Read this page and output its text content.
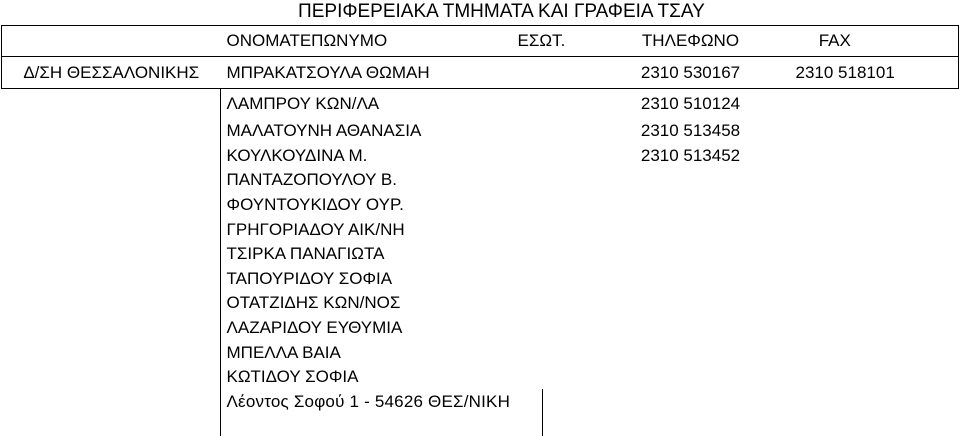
ΠΕΡΙΦΕΡΕΙΑΚΑ ΤΜΗΜΑΤΑ ΚΑΙ ΓΡΑΦΕΙΑ ΤΣΑΥ
	ΟΝΟΜΑΤΕΠΩΝΥΜΟ	ΕΣΩΤ.	ΤΗΛΕΦΩΝΟ	FAX
Δ/ΣΗ ΘΕΣΣΑΛΟΝΙΚΗΣ	ΜΠΡΑΚΑΤΣΟΥΛΑ ΘΩΜΑΗ		2310 530167	2310 518101
	ΛΑΜΠΡΟΥ ΚΩΝ/ΛΑ		2310 510124	
	ΜΑΛΑΤΟΥΝΗ ΑΘΑΝΑΣΙΑ		2310 513458	
	ΚΟΥΛΚΟΥΔΙΝΑ Μ.		2310 513452	
	ΠΑΝΤΑΖΟΠΟΥΛΟΥ Β.			
	ΦΟΥΝΤΟΥΚΙΔΟΥ ΟΥΡ.			
	ΓΡΗΓΟΡΙΑΔΟΥ ΑΙΚ/ΝΗ			
	ΤΣΙΡΚΑ ΠΑΝΑΓΙΩΤΑ			
	ΤΑΠΟΥΡΙΔΟΥ ΣΟΦΙΑ			
	ΟΤΑΤΖΙΔΗΣ ΚΩΝ/ΝΟΣ			
	ΛΑΖΑΡΙΔΟΥ ΕΥΘΥΜΙΑ			
	ΜΠΕΛΛΑ ΒΑΙΑ			
	ΚΩΤΙΔΟΥ ΣΟΦΙΑ			
	Λέοντος Σοφού 1 - 54626 ΘΕΣ/ΝΙΚΗ			
